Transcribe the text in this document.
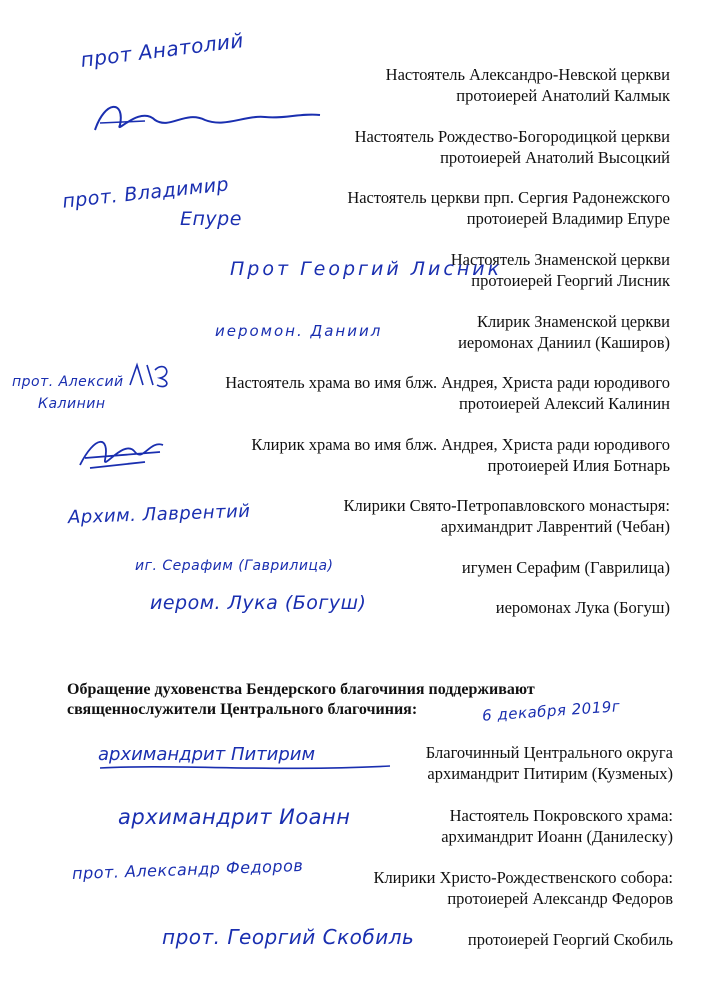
Настоятель Александро-Невской церкви
протоиерей Анатолий Калмык
Настоятель Рождество-Богородицкой церкви
протоиерей Анатолий Высоцкий
Настоятель церкви прп. Сергия Радонежского
протоиерей Владимир Епуре
Настоятель Знаменской церкви
протоиерей Георгий Лисник
Клирик Знаменской церкви
иеромонах Даниил (Каширов)
Настоятель храма во имя блж. Андрея, Христа ради юродивого
протоиерей Алексий Калинин
Клирик храма во имя блж. Андрея, Христа ради юродивого
протоиерей Илия Ботнарь
Клирики Свято-Петропавловского монастыря:
архимандрит Лаврентий (Чебан)
игумен Серафим (Гаврилица)
иеромонах Лука (Богуш)
Обращение духовенства Бендерского благочиния поддерживают
священнослужители Центрального благочиния:
Благочинный Центрального округа
архимандрит Питирим (Кузменых)
Настоятель Покровского храма:
архимандрит Иоанн (Данилеску)
Клирики Христо-Рождественского собора:
протоиерей Александр Федоров
протоиерей Георгий Скобиль
прот Анатолий
прот. Владимир
Епуре
Прот Георгий Лисник
иеромон. Даниил
прот. Алексий
Калинин
Архим. Лаврентий
иг. Серафим (Гаврилица)
иером. Лука (Богуш)
6 декабря 2019г
архимандрит Питирим
архимандрит Иоанн
прот. Александр Федоров
прот. Георгий Скобиль
